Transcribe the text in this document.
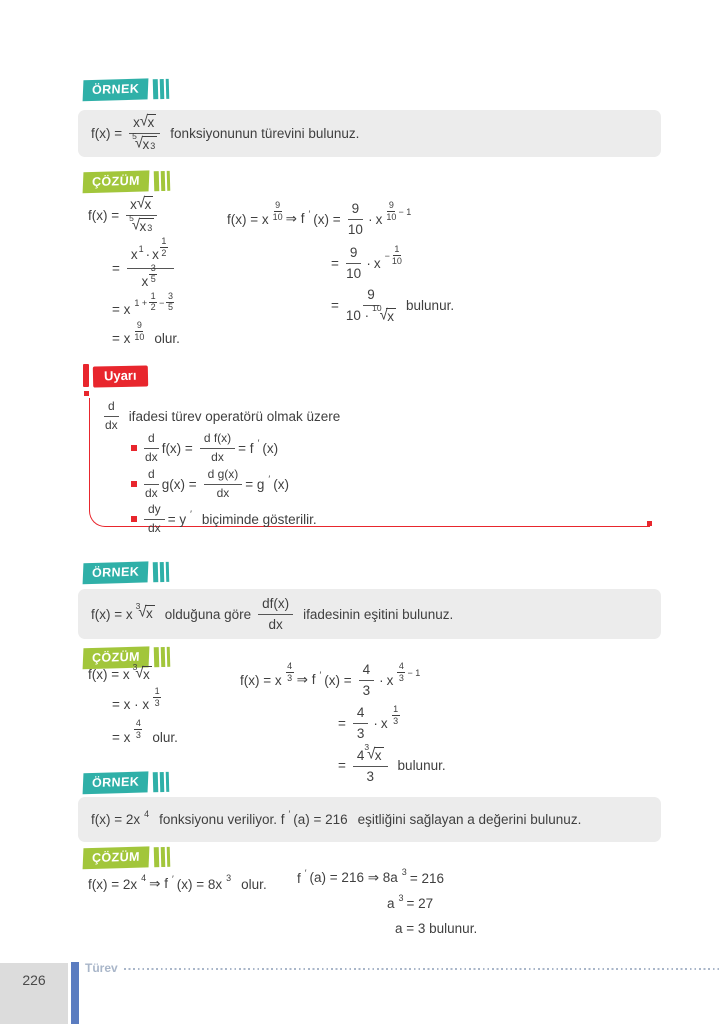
ÖRNEK
f(x) = x √ x
5
√ x3 fonksiyonunun türevini bulunuz.
ÇÖZÜM
f(x) = x √ x
5
√ x3
= x 1 · x
1
2
x
3
5
= x $1 + \frac{1}{2} - \frac{3}{5}$
= x
9
10 olur.
f(x) = x
9
10 ⇒ f ′ $(x) = \frac{9}{10} \cdot x$
9
10 − 1
= $\frac{9}{10} \cdot x - \frac{1}{10}$
= 9
10 ·
10
√ x bulunur.
Uyarı
d
dx
ifadesi türev operatörü olmak üzere
d
dx
$f(x) = \frac{\text{d f(x)}}{dx} = f$ ′ (x)
d
dx
$g(x) = \frac{\text{d g(x)}}{dx} = g$ ′ (x)
$\frac{dy}{dx} = y$ ′ biçiminde gösterilir.
ÖRNEK
f(x) = x
3
√ x olduğuna göre
df(x)
dx
ifadesinin eşitini bulunuz.
ÇÖZÜM
f(x) = x
3
√ x
= x · x
1
3
= x
4
3 olur.
f(x) = x
4
3 ⇒ f ′ $(x) = \frac{4}{3} \cdot x$
4
3 − 1
= $\frac{4}{3} \cdot x$
1
3
= 4
3
√ x
3 bulunur.
ÖRNEK
f(x) = 2x 4 fonksiyonu veriliyor. f ′ (a) = 216 eşitliğini sağlayan a değerini bulunuz.
ÇÖZÜM
f(x) = 2x 4 ⇒ f ′ (x) = 8x 3 olur. f ′ (a) = 216 ⇒ 8a 3 = 216
a 3 = 27
a = 3 bulunur.
226
Türev
